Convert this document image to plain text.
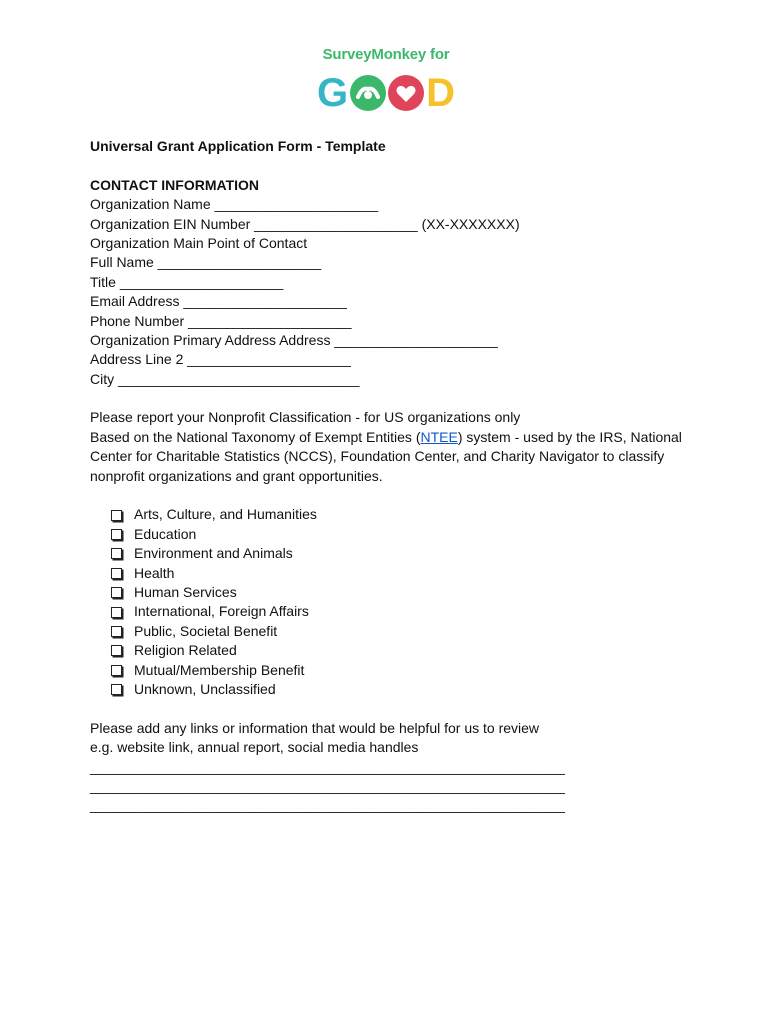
SurveyMonkey for
G D
Universal Grant Application Form - Template
CONTACT INFORMATION
Organization Name _____________________
Organization EIN Number _____________________ (XX-XXXXXXX)
Organization Main Point of Contact
Full Name _____________________
Title _____________________
Email Address _____________________
Phone Number _____________________
Organization Primary Address Address _____________________
Address Line 2 _____________________
City _______________________________
Please report your Nonprofit Classification - for US organizations only
Based on the National Taxonomy of Exempt Entities (NTEE) system - used by the IRS, National
Center for Charitable Statistics (NCCS), Foundation Center, and Charity Navigator to classify
nonprofit organizations and grant opportunities.
Arts, Culture, and Humanities
Education
Environment and Animals
Health
Human Services
International, Foreign Affairs
Public, Societal Benefit
Religion Related
Mutual/Membership Benefit
Unknown, Unclassified
Please add any links or information that would be helpful for us to review
e.g. website link, annual report, social media handles
_____________________________________________________________
_____________________________________________________________
_____________________________________________________________
